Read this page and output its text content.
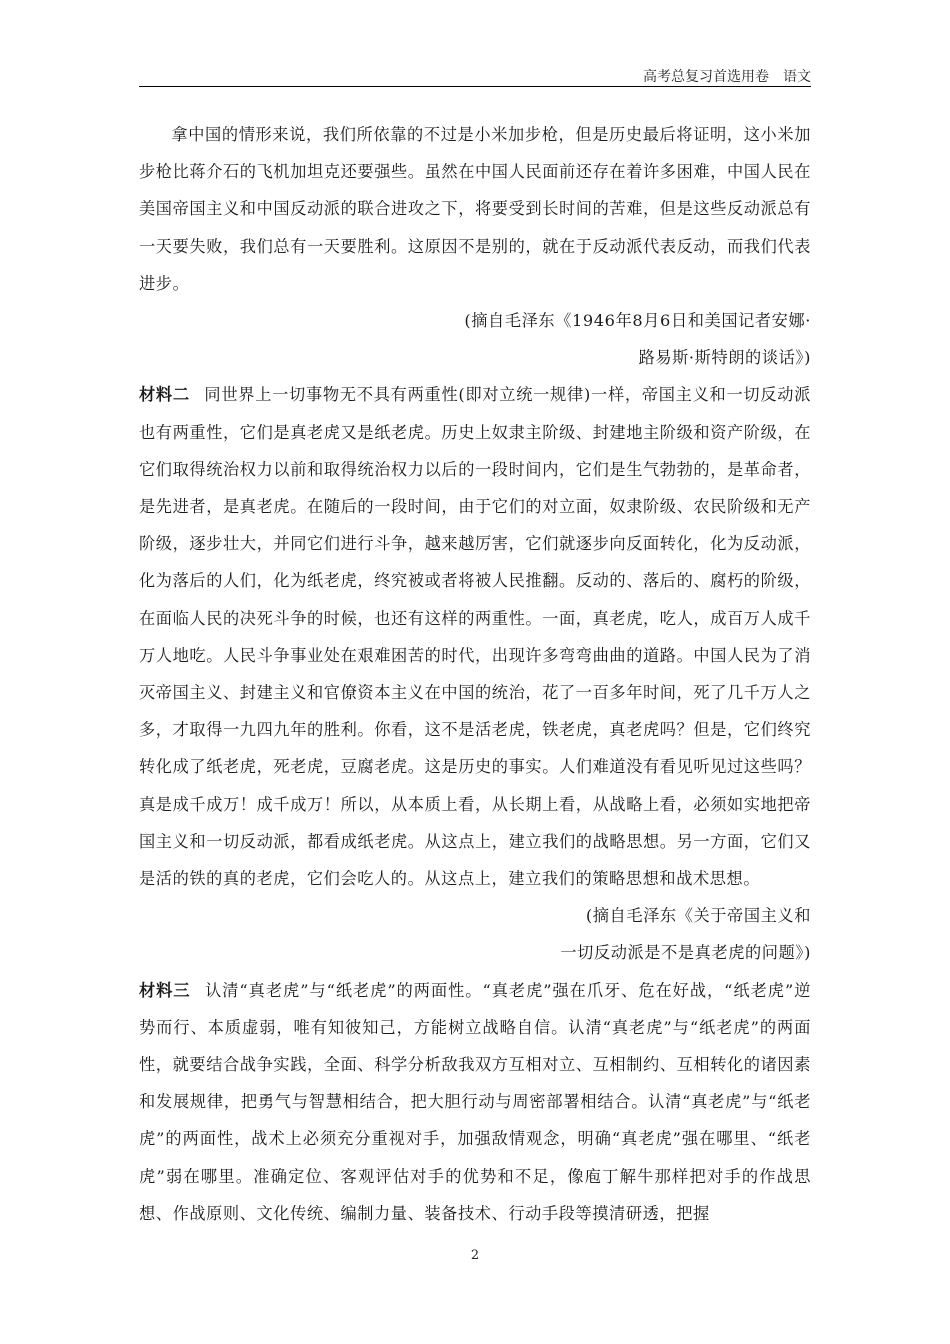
高考总复习首选用卷　语文

拿中国的情形来说，我们所依靠的不过是小米加步枪，但是历史最后将证明，这小米加步枪比蒋介石的飞机加坦克还要强些。虽然在中国人民面前还存在着许多困难，中国人民在美国帝国主义和中国反动派的联合进攻之下，将要受到长时间的苦难，但是这些反动派总有一天要失败，我们总有一天要胜利。这原因不是别的，就在于反动派代表反动，而我们代表进步。

(摘自毛泽东《1946年8月6日和美国记者安娜·

路易斯·斯特朗的谈话》)

材料二 同世界上一切事物无不具有两重性(即对立统一规律)一样，帝国主义和一切反动派也有两重性，它们是真老虎又是纸老虎。历史上奴隶主阶级、封建地主阶级和资产阶级，在它们取得统治权力以前和取得统治权力以后的一段时间内，它们是生气勃勃的，是革命者，是先进者，是真老虎。在随后的一段时间，由于它们的对立面，奴隶阶级、农民阶级和无产阶级，逐步壮大，并同它们进行斗争，越来越厉害，它们就逐步向反面转化，化为反动派，化为落后的人们，化为纸老虎，终究被或者将被人民推翻。反动的、落后的、腐朽的阶级，在面临人民的决死斗争的时候，也还有这样的两重性。一面，真老虎，吃人，成百万人成千万人地吃。人民斗争事业处在艰难困苦的时代，出现许多弯弯曲曲的道路。中国人民为了消灭帝国主义、封建主义和官僚资本主义在中国的统治，花了一百多年时间，死了几千万人之多，才取得一九四九年的胜利。你看，这不是活老虎，铁老虎，真老虎吗？但是，它们终究转化成了纸老虎，死老虎，豆腐老虎。这是历史的事实。人们难道没有看见听见过这些吗？真是成千成万！成千成万！所以，从本质上看，从长期上看，从战略上看，必须如实地把帝国主义和一切反动派，都看成纸老虎。从这点上，建立我们的战略思想。另一方面，它们又是活的铁的真的老虎，它们会吃人的。从这点上，建立我们的策略思想和战术思想。

(摘自毛泽东《关于帝国主义和

一切反动派是不是真老虎的问题》)

材料三 认清“真老虎”与“纸老虎”的两面性。“真老虎”强在爪牙、危在好战，“纸老虎”逆势而行、本质虚弱，唯有知彼知己，方能树立战略自信。认清“真老虎”与“纸老虎”的两面性，就要结合战争实践，全面、科学分析敌我双方互相对立、互相制约、互相转化的诸因素和发展规律，把勇气与智慧相结合，把大胆行动与周密部署相结合。认清“真老虎”与“纸老虎”的两面性，战术上必须充分重视对手，加强敌情观念，明确“真老虎”强在哪里、“纸老虎”弱在哪里。准确定位、客观评估对手的优势和不足，像庖丁解牛那样把对手的作战思想、作战原则、文化传统、编制力量、装备技术、行动手段等摸清研透，把握

2
